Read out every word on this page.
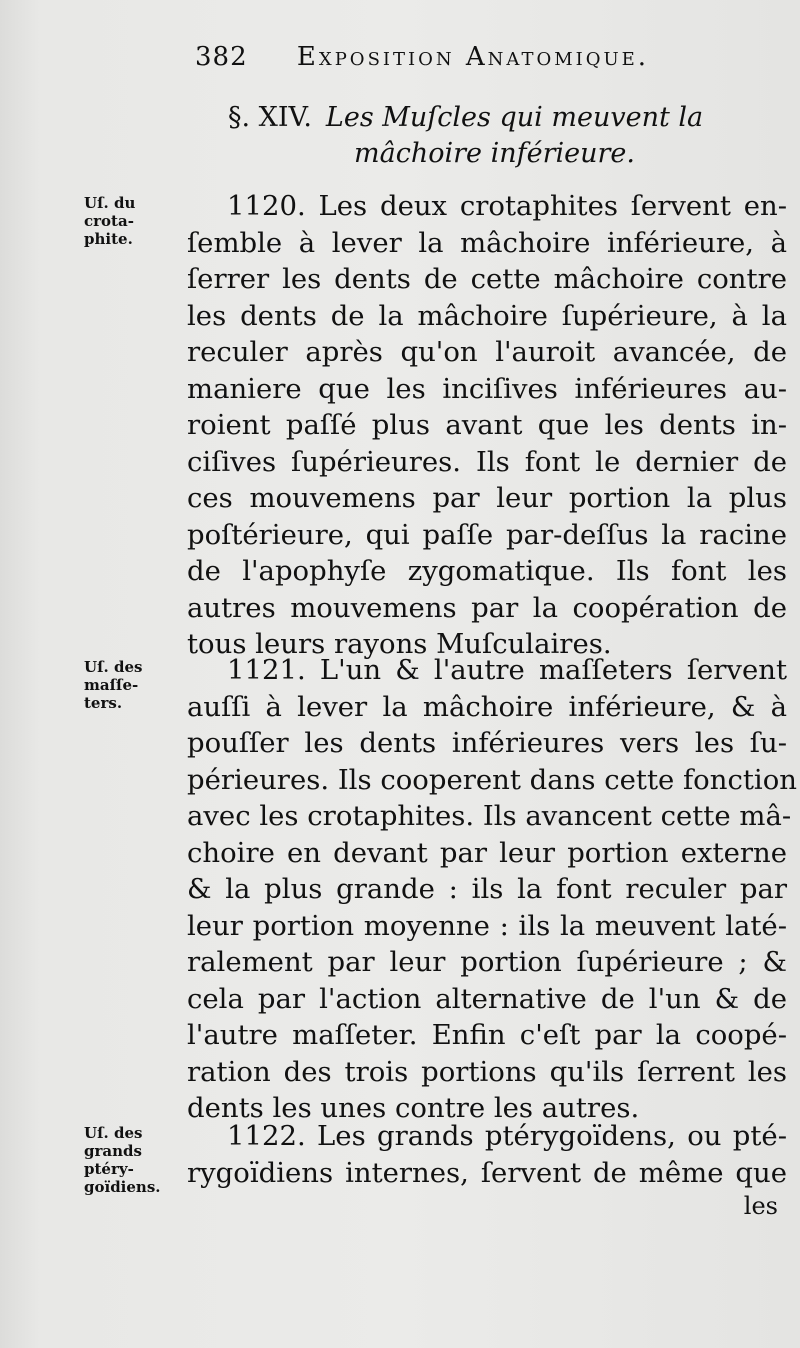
382 Exposition Anatomique.
§. XIV. Les Muſcles qui meuvent la
mâchoire inférieure.
Uſ. du
crota-
phite.
Uſ. des
maſſe-
ters.
Uſ. des
grands
ptéry-
goïdiens.
1120. Les deux crotaphites ſervent en-
ſemble à lever la mâchoire inférieure, à
ſerrer les dents de cette mâchoire contre
les dents de la mâchoire ſupérieure, à la
reculer après qu'on l'auroit avancée, de
maniere que les inciſives inférieures au-
roient paſſé plus avant que les dents in-
ciſives ſupérieures. Ils font le dernier de
ces mouvemens par leur portion la plus
poſtérieure, qui paſſe par-deſſus la racine
de l'apophyſe zygomatique. Ils font les
autres mouvemens par la coopération de
tous leurs rayons Muſculaires.
1121. L'un & l'autre maſſeters ſervent
auſſi à lever la mâchoire inférieure, & à
pouſſer les dents inférieures vers les ſu-
périeures. Ils cooperent dans cette fonction
avec les crotaphites. Ils avancent cette mâ-
choire en devant par leur portion externe
& la plus grande : ils la font reculer par
leur portion moyenne : ils la meuvent laté-
ralement par leur portion ſupérieure ; &
cela par l'action alternative de l'un & de
l'autre maſſeter. Enfin c'eſt par la coopé-
ration des trois portions qu'ils ſerrent les
dents les unes contre les autres.
1122. Les grands ptérygoïdens, ou pté-
rygoïdiens internes, ſervent de même que
les
